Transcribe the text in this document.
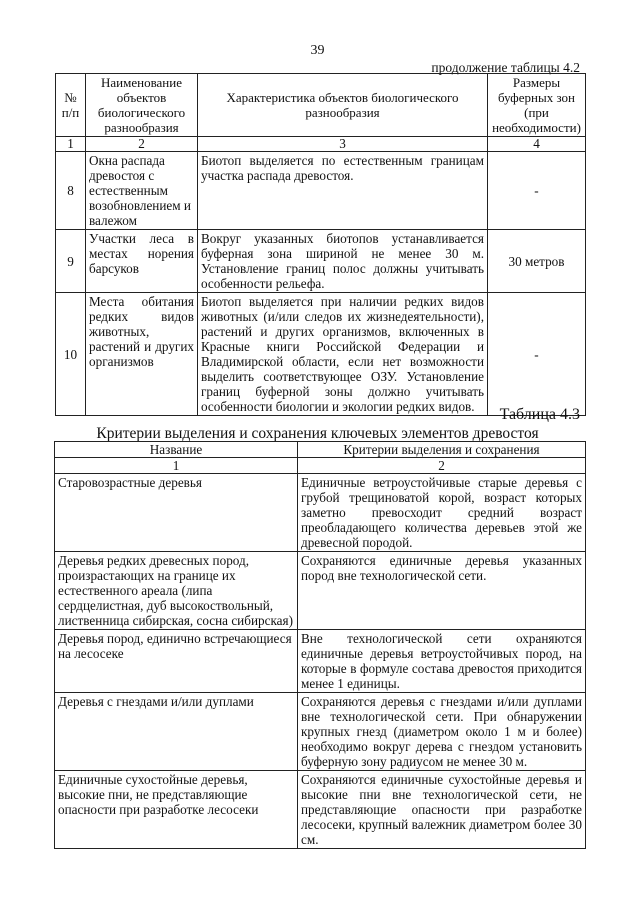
39
продолжение таблицы 4.2
№ п/п	Наименование объектов биологического разнообразия	Характеристика объектов биологического разнообразия	Размеры буферных зон (при необходимости)
1	2	3	4
8	Окна распада древостоя с естественным возобновлением и валежом	Биотоп выделяется по естественным границам участка распада древостоя.	-
9	Участки леса в местах норения барсуков	Вокруг указанных биотопов устанавливается буферная зона шириной не менее 30 м. Установление границ полос должны учитывать особенности рельефа.	30 метров
10	Места обитания редких видов животных, растений и других организмов	Биотоп выделяется при наличии редких видов животных (и/или следов их жизнедеятельности), растений и других организмов, включенных в Красные книги Российской Федерации и Владимирской области, если нет возможности выделить соответствующее ОЗУ. Установление границ буферной зоны должно учитывать особенности биологии и экологии редких видов.	-
Таблица 4.3
Критерии выделения и сохранения ключевых элементов древостоя
Название	Критерии выделения и сохранения
1	2
Старовозрастные деревья	Единичные ветроустойчивые старые деревья с грубой трещиноватой корой, возраст которых заметно превосходит средний возраст преобладающего количества деревьев этой же древесной породой.
Деревья редких древесных пород, произрастающих на границе их естественного ареала (липа сердцелистная, дуб высокоствольный, лиственница сибирская, сосна сибирская)	Сохраняются единичные деревья указанных пород вне технологической сети.
Деревья пород, единично встречающиеся на лесосеке	Вне технологической сети охраняются единичные деревья ветроустойчивых пород, на которые в формуле состава древостоя приходится менее 1 единицы.
Деревья с гнездами и/или дуплами	Сохраняются деревья с гнездами и/или дуплами вне технологической сети. При обнаружении крупных гнезд (диаметром около 1 м и более) необходимо вокруг дерева с гнездом установить буферную зону радиусом не менее 30 м.
Единичные сухостойные деревья, высокие пни, не представляющие опасности при разработке лесосеки	Сохраняются единичные сухостойные деревья и высокие пни вне технологической сети, не представляющие опасности при разработке лесосеки, крупный валежник диаметром более 30 см.
